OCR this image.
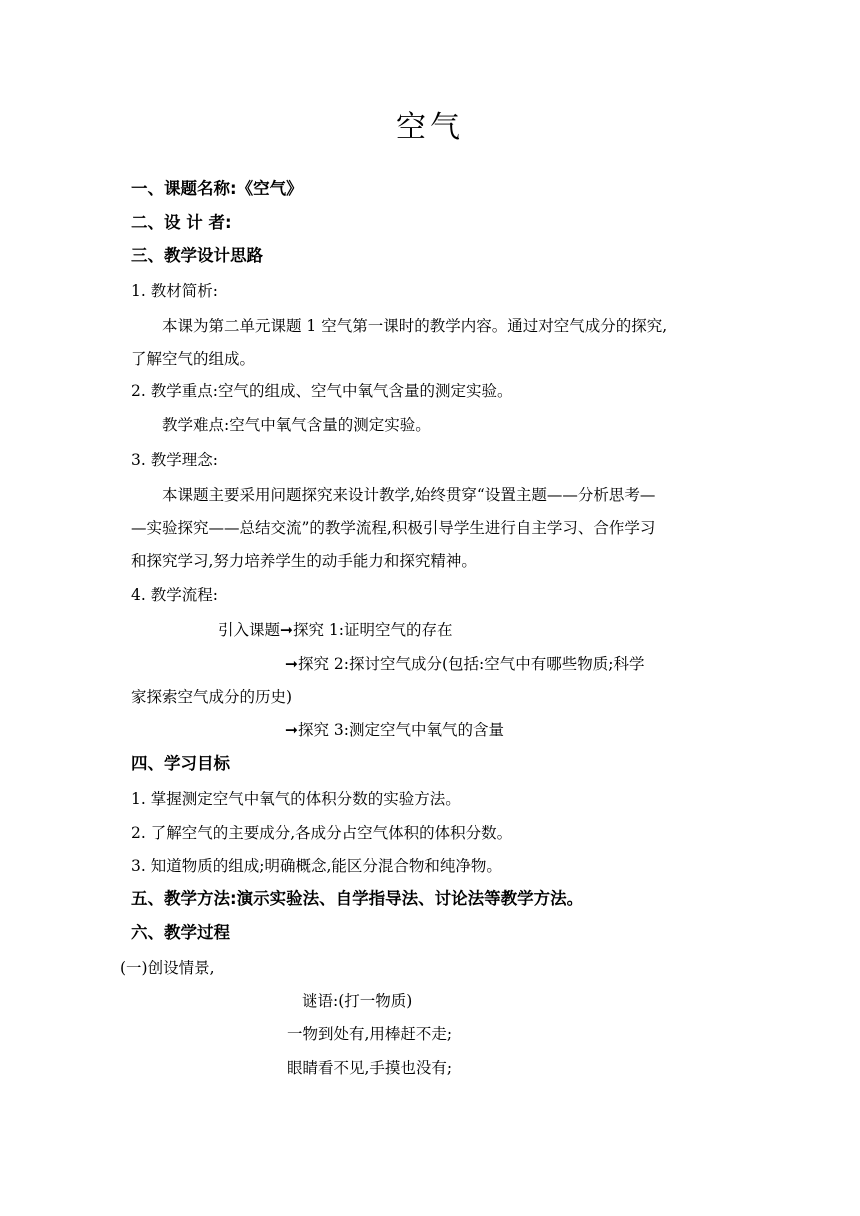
空气
一、课题名称:《空气》
二、设 计 者:
三、教学设计思路
1. 教材简析:
本课为第二单元课题 1 空气第一课时的教学内容。通过对空气成分的探究,
了解空气的组成。
2. 教学重点:空气的组成、空气中氧气含量的测定实验。
教学难点:空气中氧气含量的测定实验。
3. 教学理念:
本课题主要采用问题探究来设计教学,始终贯穿“设置主题——分析思考—
—实验探究——总结交流”的教学流程,积极引导学生进行自主学习、合作学习
和探究学习,努力培养学生的动手能力和探究精神。
4. 教学流程:
引入课题➞探究 1:证明空气的存在
➞探究 2:探讨空气成分(包括:空气中有哪些物质;科学
家探索空气成分的历史)
➞探究 3:测定空气中氧气的含量
四、学习目标
1. 掌握测定空气中氧气的体积分数的实验方法。
2. 了解空气的主要成分,各成分占空气体积的体积分数。
3. 知道物质的组成;明确概念,能区分混合物和纯净物。
五、教学方法:演示实验法、自学指导法、讨论法等教学方法。
六、教学过程
(一)创设情景,
谜语:(打一物质)
一物到处有,用棒赶不走;
眼睛看不见,手摸也没有;
